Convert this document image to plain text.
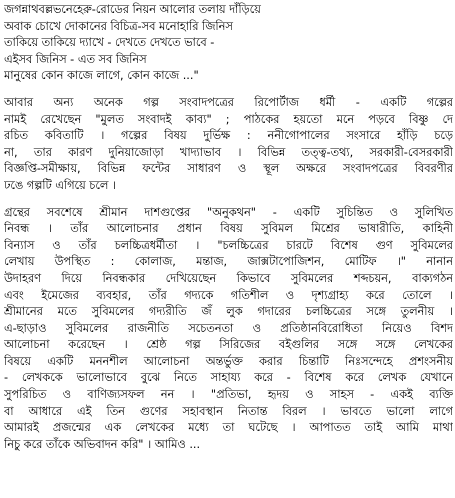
জগন্নাথবল্লভনেহেরু-রোডের নিয়ন আলোর তলায় দাঁড়িয়ে
অবাক চোখে দোকানের বিচিত্র-সব মনোহারি জিনিস
তাকিয়ে তাকিয়ে দ্যাখে - দেখতে দেখতে ভাবে -
এইসব জিনিস - এত সব জিনিস
মানুষের কোন কাজে লাগে, কোন কাজে ..."
আবার অন্য অনেক গল্প সংবাদপত্রের রিপোর্টাজ ধর্মী - একটি গল্পের
নামই রেখেছেন "মুলত সংবাদই কাব্য" ; পাঠকের হয়তো মনে পড়বে বিষ্ণু দে
রচিত কবিতাটি । গল্পের বিষয় দুর্ভিক্ষ : ননীগোপালের সংসারে হাঁড়ি চড়ে
না, তার কারণ দুনিয়াজোড়া খাদ্যাভাব । বিভিন্ন তত্ত্ব-তথ্য, সরকারী-বেসরকারী
বিজ্ঞপ্তি-সমীক্ষায়, বিভিন্ন ফন্টের সাধারণ ও স্থূল অক্ষরে সংবাদপত্রের বিবরণীর
ঢঙে গল্পটি এগিয়ে চলে ।
গ্রন্থের সবশেষে শ্রীমান দাশগুপ্তের "অনুকথন" - একটি সুচিন্তিত ও সুলিখিত
নিবন্ধ । তাঁর আলোচনার প্রধান বিষয় সুবিমল মিশ্রের ভাষারীতি, কাহিনী
বিন্যাস ও তাঁর চলচ্চিত্রধর্মীতা । "চলচ্চিত্রের চারটে বিশেষ গুণ সুবিমলের
লেখায় উপস্থিত : কোলাজ, মন্তাজ, জাক্সটাপোজিশন, মোটিফ ।" নানান
উদাহরণ দিয়ে নিবন্ধকার দেখিয়েছেন কিভাবে সুবিমলের শব্দচয়ন, বাক্যগঠন
এবং ইমেজের ব্যবহার, তাঁর গদ্যকে গতিশীল ও দৃশ্যগ্রাহ্য করে তোলে ।
শ্রীমানের মতে সুবিমলের গদ্যরীতি জঁ লুক গদারের চলচ্চিত্রের সঙ্গে তুলনীয় ।
এ-ছাড়াও সুবিমলের রাজনীতি সচেতনতা ও প্রতিষ্ঠানবিরোধিতা নিয়েও বিশদ
আলোচনা করেছেন । শ্রেষ্ঠ গল্প সিরিজের বইগুলির সঙ্গে সঙ্গে লেখকের
বিষয়ে একটি মননশীল আলোচনা অন্তর্ভুক্ত করার চিন্তাটি নিঃসন্দেহে প্রশংসনীয়
- লেখককে ভালোভাবে বুঝে নিতে সাহায্য করে - বিশেষ করে লেখক যেখানে
সুপরিচিত ও বাণিজ্যসফল নন । "প্রতিভা, হৃদয় ও সাহস - একই ব্যক্তি
বা আধারে এই তিন গুণের সহাবস্থান নিতান্ত বিরল । ভাবতে ভালো লাগে
আমারই প্রজন্মের এক লেখকের মধ্যে তা ঘটেছে । আপাতত তাই আমি মাথা
নিচু করে তাঁকে অভিবাদন করি" । আমিও ...
